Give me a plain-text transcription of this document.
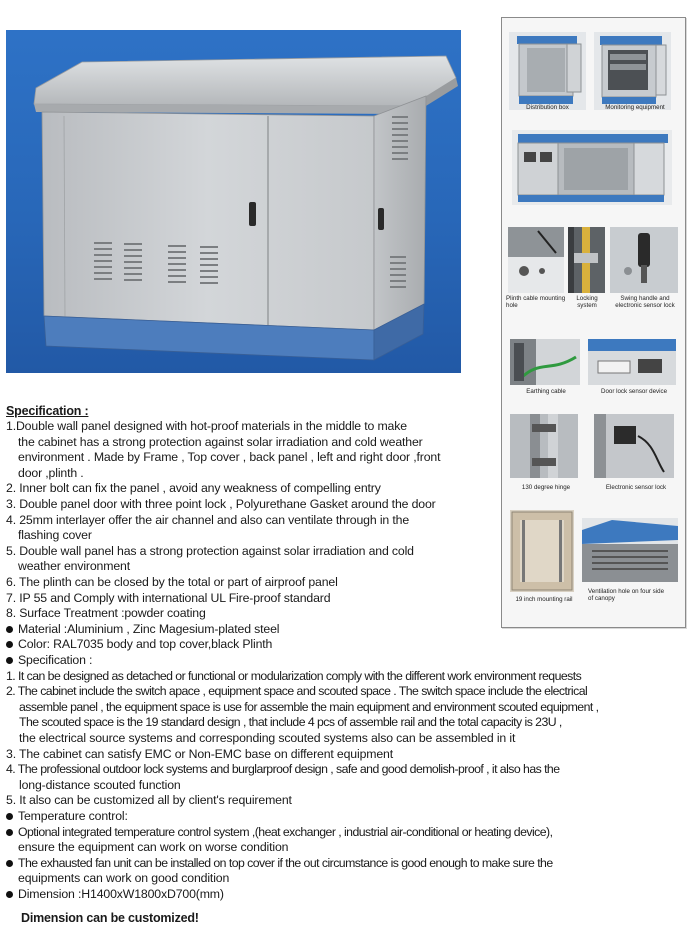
Distribution box	Monitoring equipment
Plinth cable mounting hole
Locking system
Swing handle and electronic sensor lock
Earthing cable	Door lock sensor device
130 degree hinge	Electronic sensor lock
19 inch mounting rail
Ventilation hole on four side of canopy
Specification :
1.Double wall panel designed with hot-proof materials in the middle to make
the cabinet has a strong protection against solar irradiation and cold weather
environment . Made by Frame , Top cover , back panel , left and right door ,front
door ,plinth .
2. Inner bolt can fix the panel , avoid any weakness of compelling entry
3. Double panel door with three point lock , Polyurethane Gasket around the door
4. 25mm interlayer offer the air channel and also can ventilate through in the
flashing cover
5. Double wall panel has a strong protection against solar irradiation and cold
weather environment
6. The plinth can be closed by the total or part of airproof panel
7. IP 55 and Comply with international UL Fire-proof standard
8. Surface Treatment :powder coating
Material :Aluminium , Zinc Magesium-plated steel
Color: RAL7035 body and top cover,black Plinth
Specification :
1. It can be designed as detached or functional or modularization comply with the different work environment requests
2. The cabinet include the switch apace , equipment space and scouted space . The switch space include the electrical
assemble panel , the equipment space is use for assemble the main equipment and environment scouted equipment ,
The scouted space is the 19 standard design , that include 4 pcs of assemble rail and the total capacity is 23U ,
the electrical source systems and corresponding scouted systems also can be assembled in it
3. The cabinet can satisfy EMC or Non-EMC base on different equipment
4. The professional outdoor lock systems and burglarproof design , safe and good demolish-proof , it also has the
long-distance scouted function
5. It also can be customized all by client's requirement
Temperature control:
Optional integrated temperature control system ,(heat exchanger , industrial air-conditional or heating device),
ensure the equipment can work on worse condition
The exhausted fan unit can be installed on top cover if the out circumstance is good enough to make sure the
equipments can work on good condition
Dimension :H1400xW1800xD700(mm)
Dimension can be customized!
